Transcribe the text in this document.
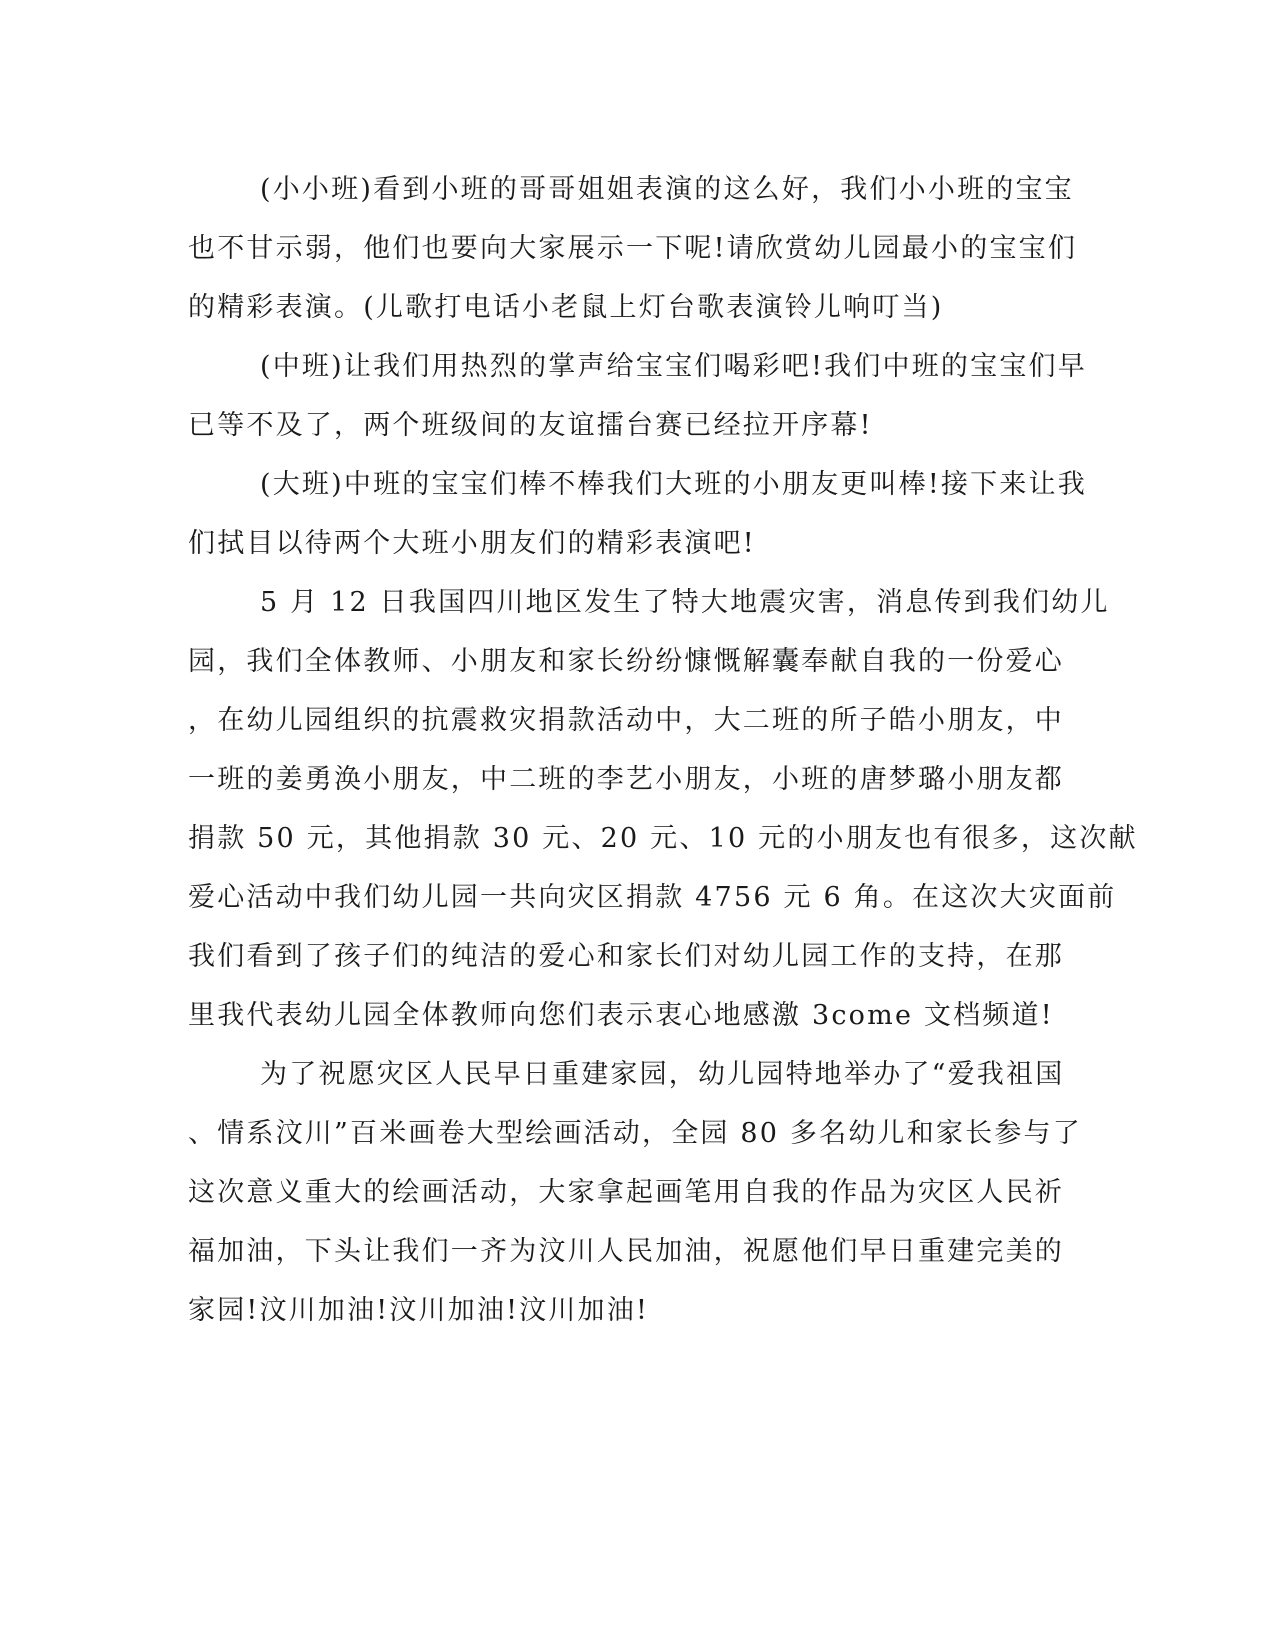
(小小班)看到小班的哥哥姐姐表演的这么好，我们小小班的宝宝
也不甘示弱，他们也要向大家展示一下呢!请欣赏幼儿园最小的宝宝们
的精彩表演。(儿歌打电话小老鼠上灯台歌表演铃儿响叮当)
(中班)让我们用热烈的掌声给宝宝们喝彩吧!我们中班的宝宝们早
已等不及了，两个班级间的友谊擂台赛已经拉开序幕!
(大班)中班的宝宝们棒不棒我们大班的小朋友更叫棒!接下来让我
们拭目以待两个大班小朋友们的精彩表演吧!
5 月 12 日我国四川地区发生了特大地震灾害，消息传到我们幼儿
园，我们全体教师、小朋友和家长纷纷慷慨解囊奉献自我的一份爱心
，在幼儿园组织的抗震救灾捐款活动中，大二班的所子皓小朋友，中
一班的姜勇涣小朋友，中二班的李艺小朋友，小班的唐梦璐小朋友都
捐款 50 元，其他捐款 30 元、20 元、10 元的小朋友也有很多，这次献
爱心活动中我们幼儿园一共向灾区捐款 4756 元 6 角。在这次大灾面前
我们看到了孩子们的纯洁的爱心和家长们对幼儿园工作的支持，在那
里我代表幼儿园全体教师向您们表示衷心地感激 3come 文档频道!
为了祝愿灾区人民早日重建家园，幼儿园特地举办了“爱我祖国
、情系汶川”百米画卷大型绘画活动，全园 80 多名幼儿和家长参与了
这次意义重大的绘画活动，大家拿起画笔用自我的作品为灾区人民祈
福加油，下头让我们一齐为汶川人民加油，祝愿他们早日重建完美的
家园!汶川加油!汶川加油!汶川加油!
